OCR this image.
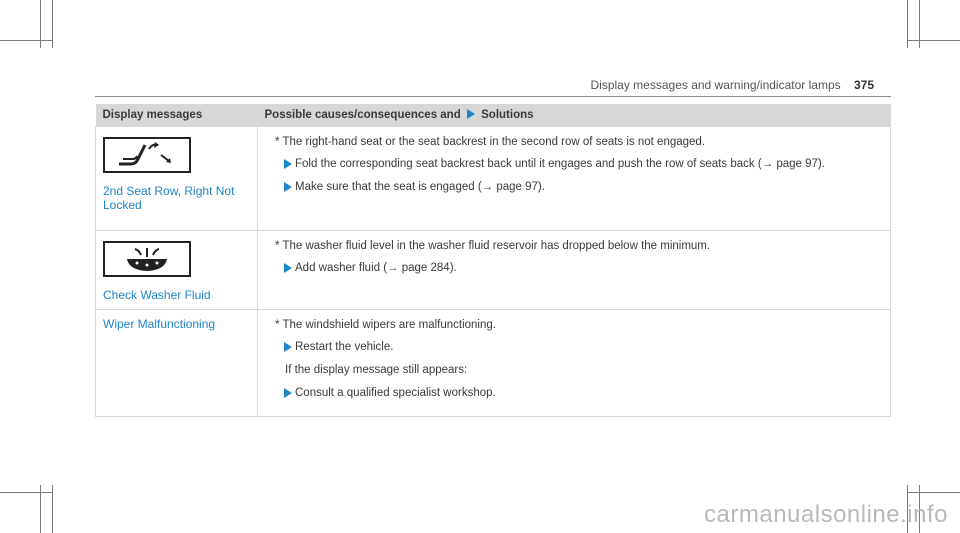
Display messages and warning/indicator lamps 375
Display messages	Possible causes/consequences and Solutions

2nd Seat Row, Right Not Locked	* The right-hand seat or the seat backrest in the second row of seats is not engaged.
Fold the corresponding seat backrest back until it engages and push the row of seats back (→ page 97).
Make sure that the seat is engaged (→ page 97).

Check Washer Fluid	* The washer fluid level in the washer fluid reservoir has dropped below the minimum.
Add washer fluid (→ page 284).

Wiper Malfunctioning	* The windshield wipers are malfunctioning.
Restart the vehicle.
If the display message still appears:
Consult a qualified specialist workshop.
carmanualsonline.info
